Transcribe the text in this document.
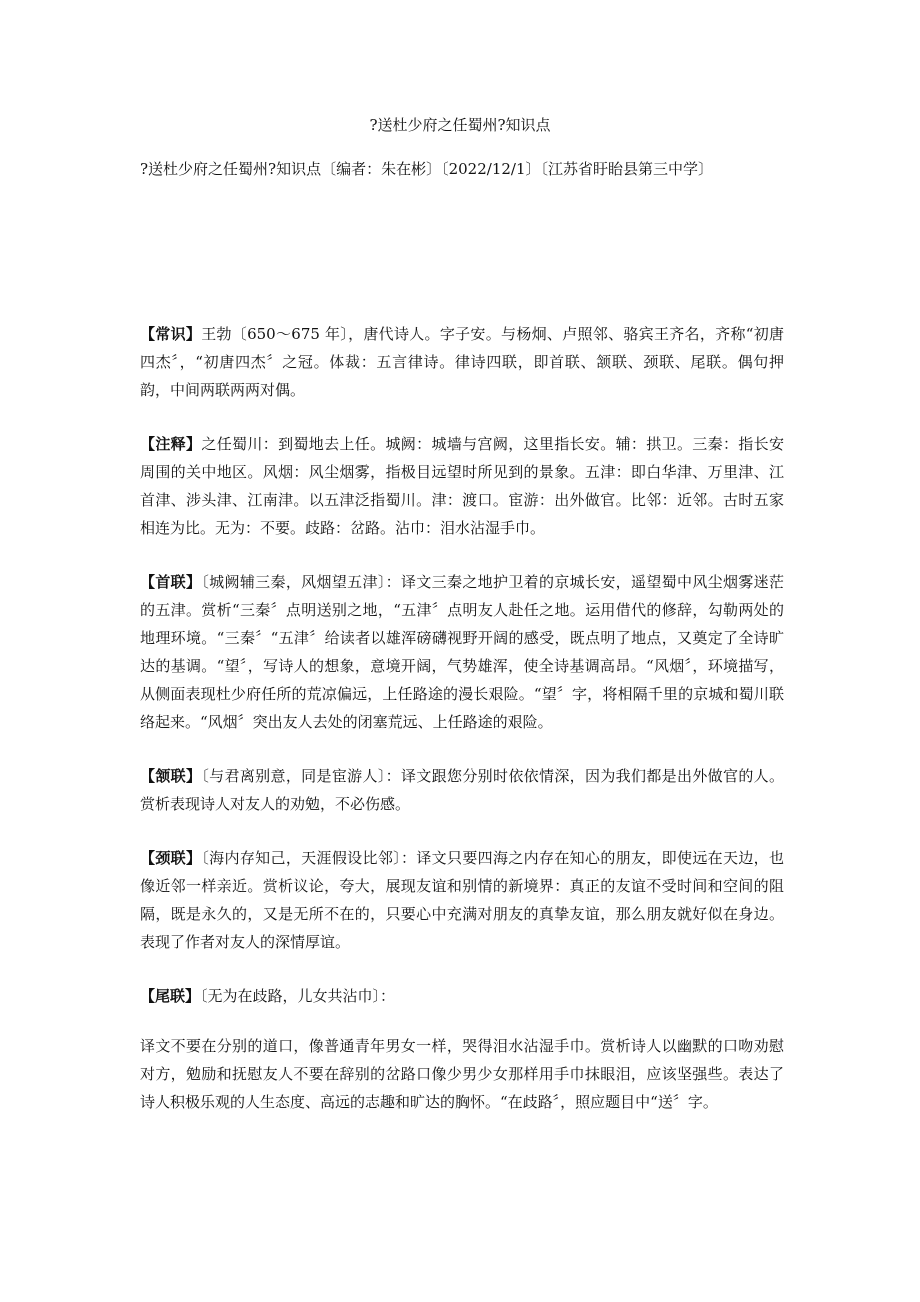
?送杜少府之任蜀州?知识点
?送杜少府之任蜀州?知识点〔编者：朱在彬〕〔2022/12/1〕〔江苏省盱眙县第三中学〕

【常识】王勃〔650～675 年〕，唐代诗人。字子安。与杨炯、卢照邻、骆宾王齐名，齐称“初唐四杰〞，“初唐四杰〞之冠。体裁：五言律诗。律诗四联，即首联、颔联、颈联、尾联。偶句押韵，中间两联两两对偶。

【注释】之任蜀川：到蜀地去上任。城阙：城墙与宫阙，这里指长安。辅：拱卫。三秦：指长安周围的关中地区。风烟：风尘烟雾，指极目远望时所见到的景象。五津：即白华津、万里津、江首津、涉头津、江南津。以五津泛指蜀川。津：渡口。宦游：出外做官。比邻：近邻。古时五家相连为比。无为：不要。歧路：岔路。沾巾：泪水沾湿手巾。

【首联】〔城阙辅三秦，风烟望五津〕：译文三秦之地护卫着的京城长安，遥望蜀中风尘烟雾迷茫的五津。赏析“三秦〞点明送别之地，“五津〞点明友人赴任之地。运用借代的修辞，勾勒两处的地理环境。“三秦〞“五津〞给读者以雄浑磅礴视野开阔的感受，既点明了地点，又奠定了全诗旷达的基调。“望〞，写诗人的想象，意境开阔，气势雄浑，使全诗基调高昂。“风烟〞，环境描写，从侧面表现杜少府任所的荒凉偏远，上任路途的漫长艰险。“望〞字，将相隔千里的京城和蜀川联络起来。“风烟〞突出友人去处的闭塞荒远、上任路途的艰险。

【颔联】〔与君离别意，同是宦游人〕：译文跟您分别时依依情深，因为我们都是出外做官的人。赏析表现诗人对友人的劝勉，不必伤感。

【颈联】〔海内存知己，天涯假设比邻〕：译文只要四海之内存在知心的朋友，即使远在天边，也像近邻一样亲近。赏析议论，夸大，展现友谊和别情的新境界：真正的友谊不受时间和空间的阻隔，既是永久的，又是无所不在的，只要心中充满对朋友的真挚友谊，那么朋友就好似在身边。表现了作者对友人的深情厚谊。

【尾联】〔无为在歧路，儿女共沾巾〕：

译文不要在分别的道口，像普通青年男女一样，哭得泪水沾湿手巾。赏析诗人以幽默的口吻劝慰对方，勉励和抚慰友人不要在辞别的岔路口像少男少女那样用手巾抹眼泪，应该坚强些。表达了诗人积极乐观的人生态度、高远的志趣和旷达的胸怀。“在歧路〞，照应题目中“送〞字。
